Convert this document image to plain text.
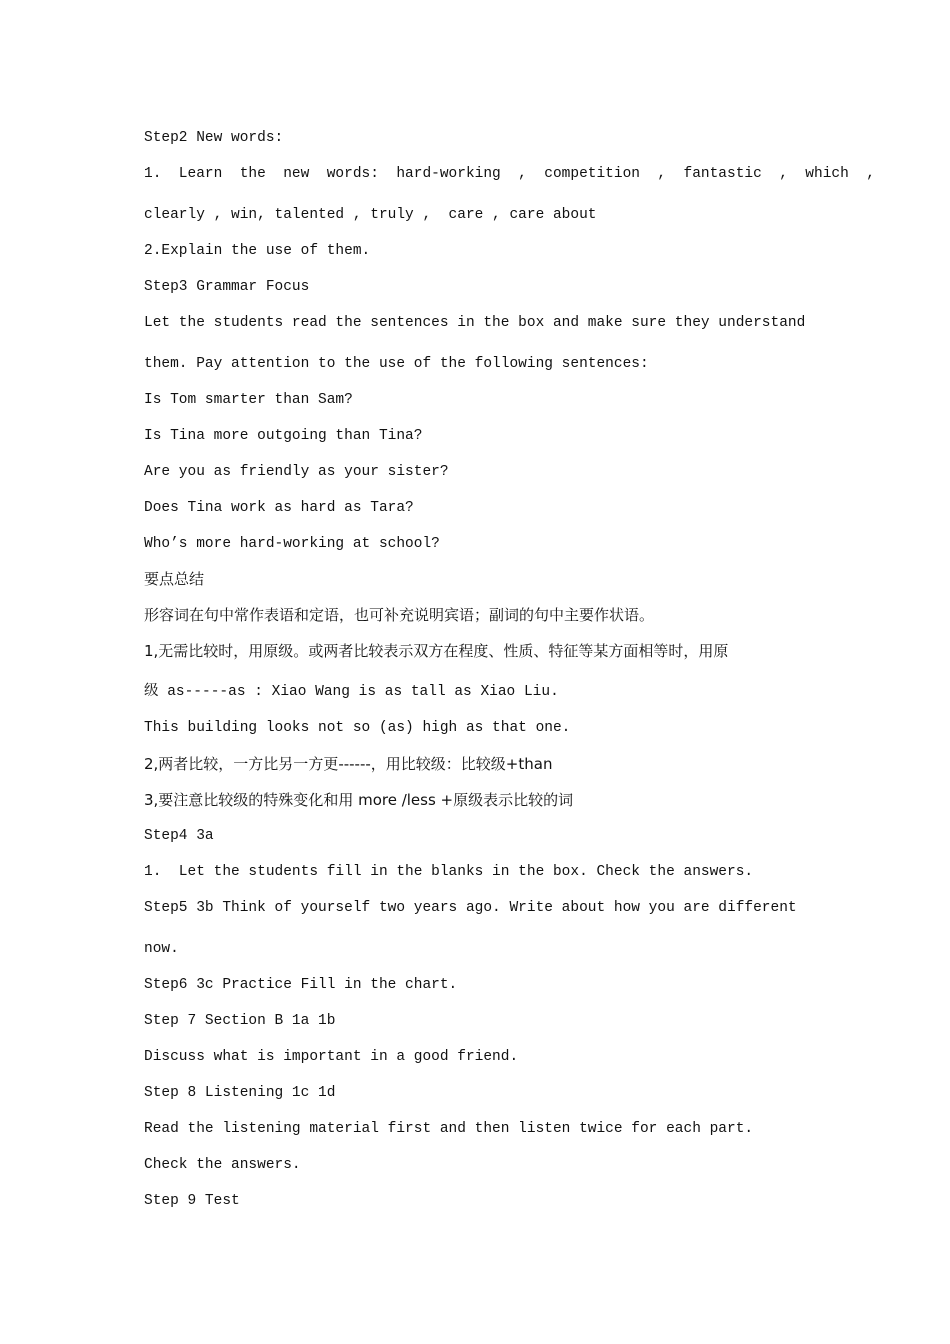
Step2 New words:
1.  Learn  the  new  words:  hard-working  ,  competition  ,  fantastic  ,  which  ,
clearly , win, talented , truly ,  care , care about
2.Explain the use of them.
Step3 Grammar Focus
Let the students read the sentences in the box and make sure they understand
them. Pay attention to the use of the following sentences:
Is Tom smarter than Sam?
Is Tina more outgoing than Tina?
Are you as friendly as your sister?
Does Tina work as hard as Tara?
Who’s more hard-working at school?
要点总结
形容词在句中常作表语和定语，也可补充说明宾语；副词的句中主要作状语。
1,无需比较时，用原级。或两者比较表示双方在程度、性质、特征等某方面相等时，用原
级 as-----as : Xiao Wang is as tall as Xiao Liu.
This building looks not so (as) high as that one.
2,两者比较，一方比另一方更------，用比较级：比较级+than
3,要注意比较级的特殊变化和用 more /less +原级表示比较的词
Step4 3a
1.  Let the students fill in the blanks in the box. Check the answers.
Step5 3b Think of yourself two years ago. Write about how you are different
now.
Step6 3c Practice Fill in the chart.
Step 7 Section B 1a 1b
Discuss what is important in a good friend.
Step 8 Listening 1c 1d
Read the listening material first and then listen twice for each part.
Check the answers.
Step 9 Test
